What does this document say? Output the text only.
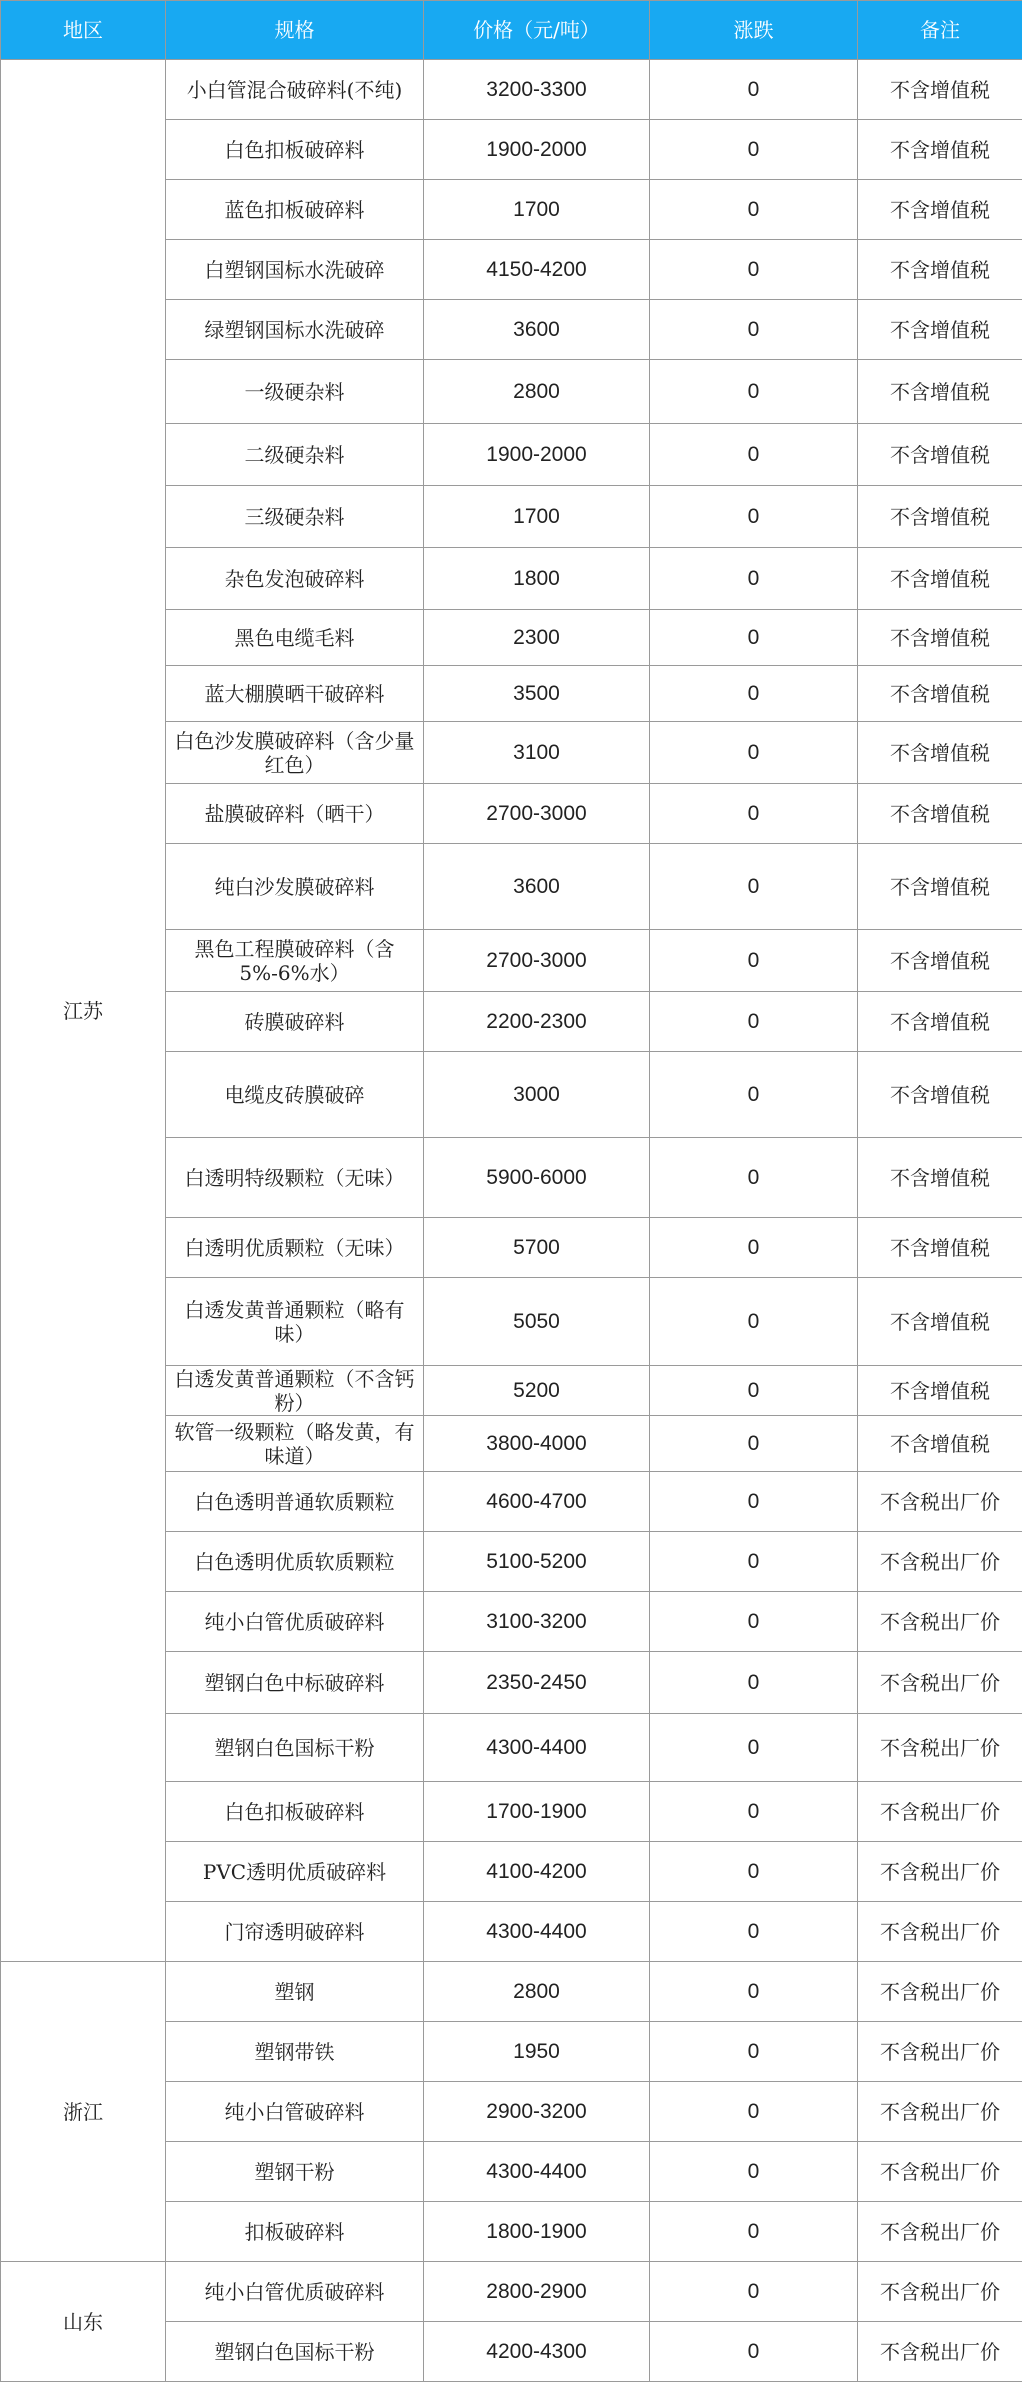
地区	规格	价格（元/吨）	涨跌	备注
江苏	小白管混合破碎料(不纯)	3200-3300	0	不含增值税
	白色扣板破碎料	1900-2000	0	不含增值税
	蓝色扣板破碎料	1700	0	不含增值税
	白塑钢国标水洗破碎	4150-4200	0	不含增值税
	绿塑钢国标水洗破碎	3600	0	不含增值税
	一级硬杂料	2800	0	不含增值税
	二级硬杂料	1900-2000	0	不含增值税
	三级硬杂料	1700	0	不含增值税
	杂色发泡破碎料	1800	0	不含增值税
	黑色电缆毛料	2300	0	不含增值税
	蓝大棚膜晒干破碎料	3500	0	不含增值税
	白色沙发膜破碎料（含少量红色）	3100	0	不含增值税
	盐膜破碎料（晒干）	2700-3000	0	不含增值税
	纯白沙发膜破碎料	3600	0	不含增值税
	黑色工程膜破碎料（含5%-6%水）	2700-3000	0	不含增值税
	砖膜破碎料	2200-2300	0	不含增值税
	电缆皮砖膜破碎	3000	0	不含增值税
	白透明特级颗粒（无味）	5900-6000	0	不含增值税
	白透明优质颗粒（无味）	5700	0	不含增值税
	白透发黄普通颗粒（略有味）	5050	0	不含增值税
	白透发黄普通颗粒（不含钙粉）	5200	0	不含增值税
	软管一级颗粒（略发黄，有味道）	3800-4000	0	不含增值税
	白色透明普通软质颗粒	4600-4700	0	不含税出厂价
	白色透明优质软质颗粒	5100-5200	0	不含税出厂价
	纯小白管优质破碎料	3100-3200	0	不含税出厂价
	塑钢白色中标破碎料	2350-2450	0	不含税出厂价
	塑钢白色国标干粉	4300-4400	0	不含税出厂价
	白色扣板破碎料	1700-1900	0	不含税出厂价
	PVC透明优质破碎料	4100-4200	0	不含税出厂价
	门帘透明破碎料	4300-4400	0	不含税出厂价
浙江	塑钢	2800	0	不含税出厂价
	塑钢带铁	1950	0	不含税出厂价
	纯小白管破碎料	2900-3200	0	不含税出厂价
	塑钢干粉	4300-4400	0	不含税出厂价
	扣板破碎料	1800-1900	0	不含税出厂价
山东	纯小白管优质破碎料	2800-2900	0	不含税出厂价
	塑钢白色国标干粉	4200-4300	0	不含税出厂价
